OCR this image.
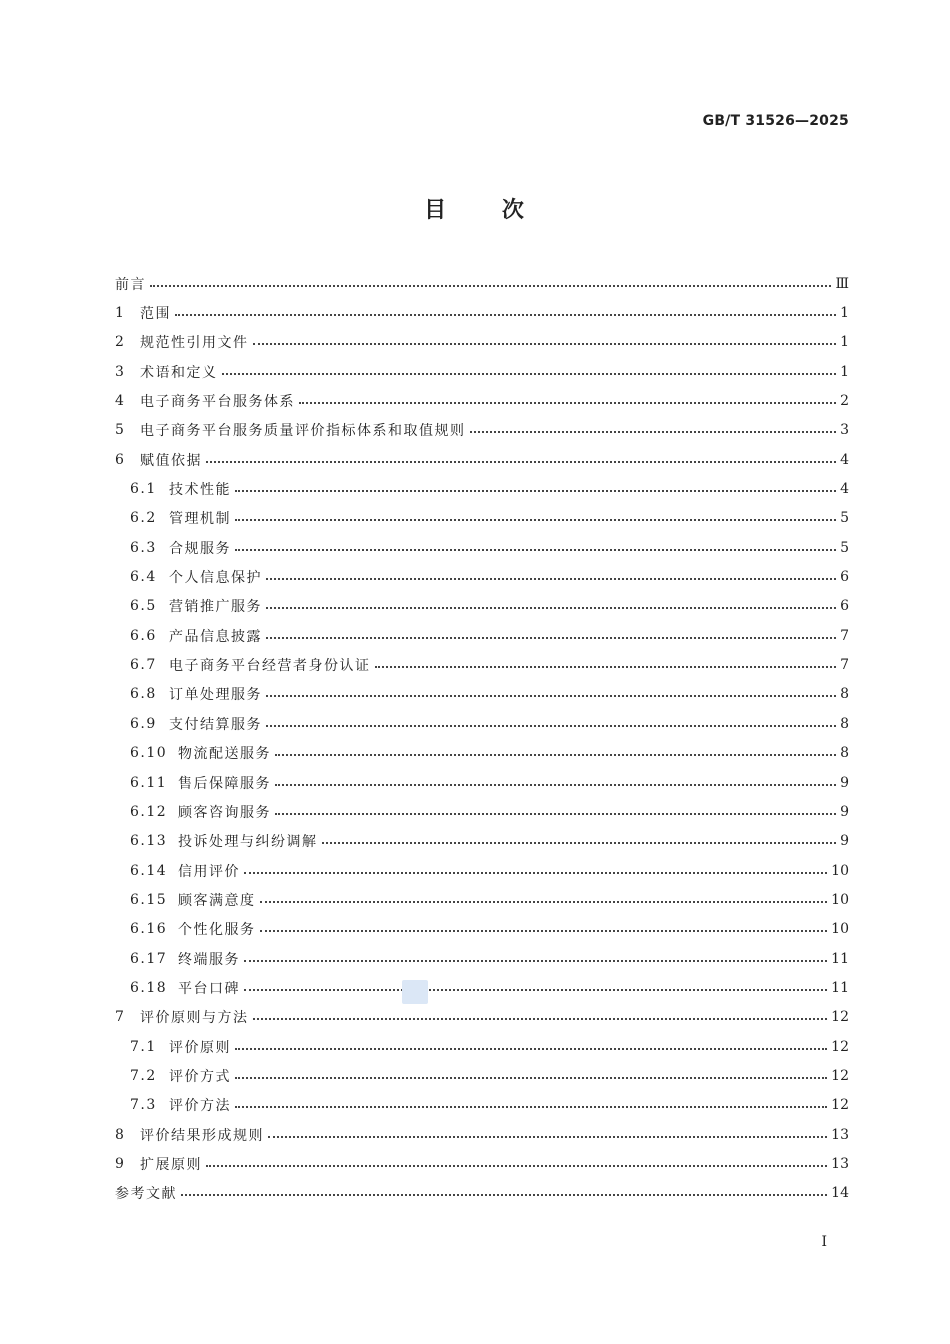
GB/T 31526—2025
目 次
前言	Ⅲ
1	范围	1
2	规范性引用文件	1
3	术语和定义	1
4	电子商务平台服务体系	2
5	电子商务平台服务质量评价指标体系和取值规则	3
6	赋值依据	4
6.1 技术性能	4
6.2 管理机制	5
6.3 合规服务	5
6.4 个人信息保护	6
6.5 营销推广服务	6
6.6 产品信息披露	7
6.7 电子商务平台经营者身份认证	7
6.8 订单处理服务	8
6.9 支付结算服务	8
6.10 物流配送服务	8
6.11 售后保障服务	9
6.12 顾客咨询服务	9
6.13 投诉处理与纠纷调解	9
6.14 信用评价	10
6.15 顾客满意度	10
6.16 个性化服务	10
6.17 终端服务	11
6.18 平台口碑	11
7	评价原则与方法	12
7.1 评价原则	12
7.2 评价方式	12
7.3 评价方法	12
8	评价结果形成规则	13
9	扩展原则	13
参考文献	14
Ⅰ
